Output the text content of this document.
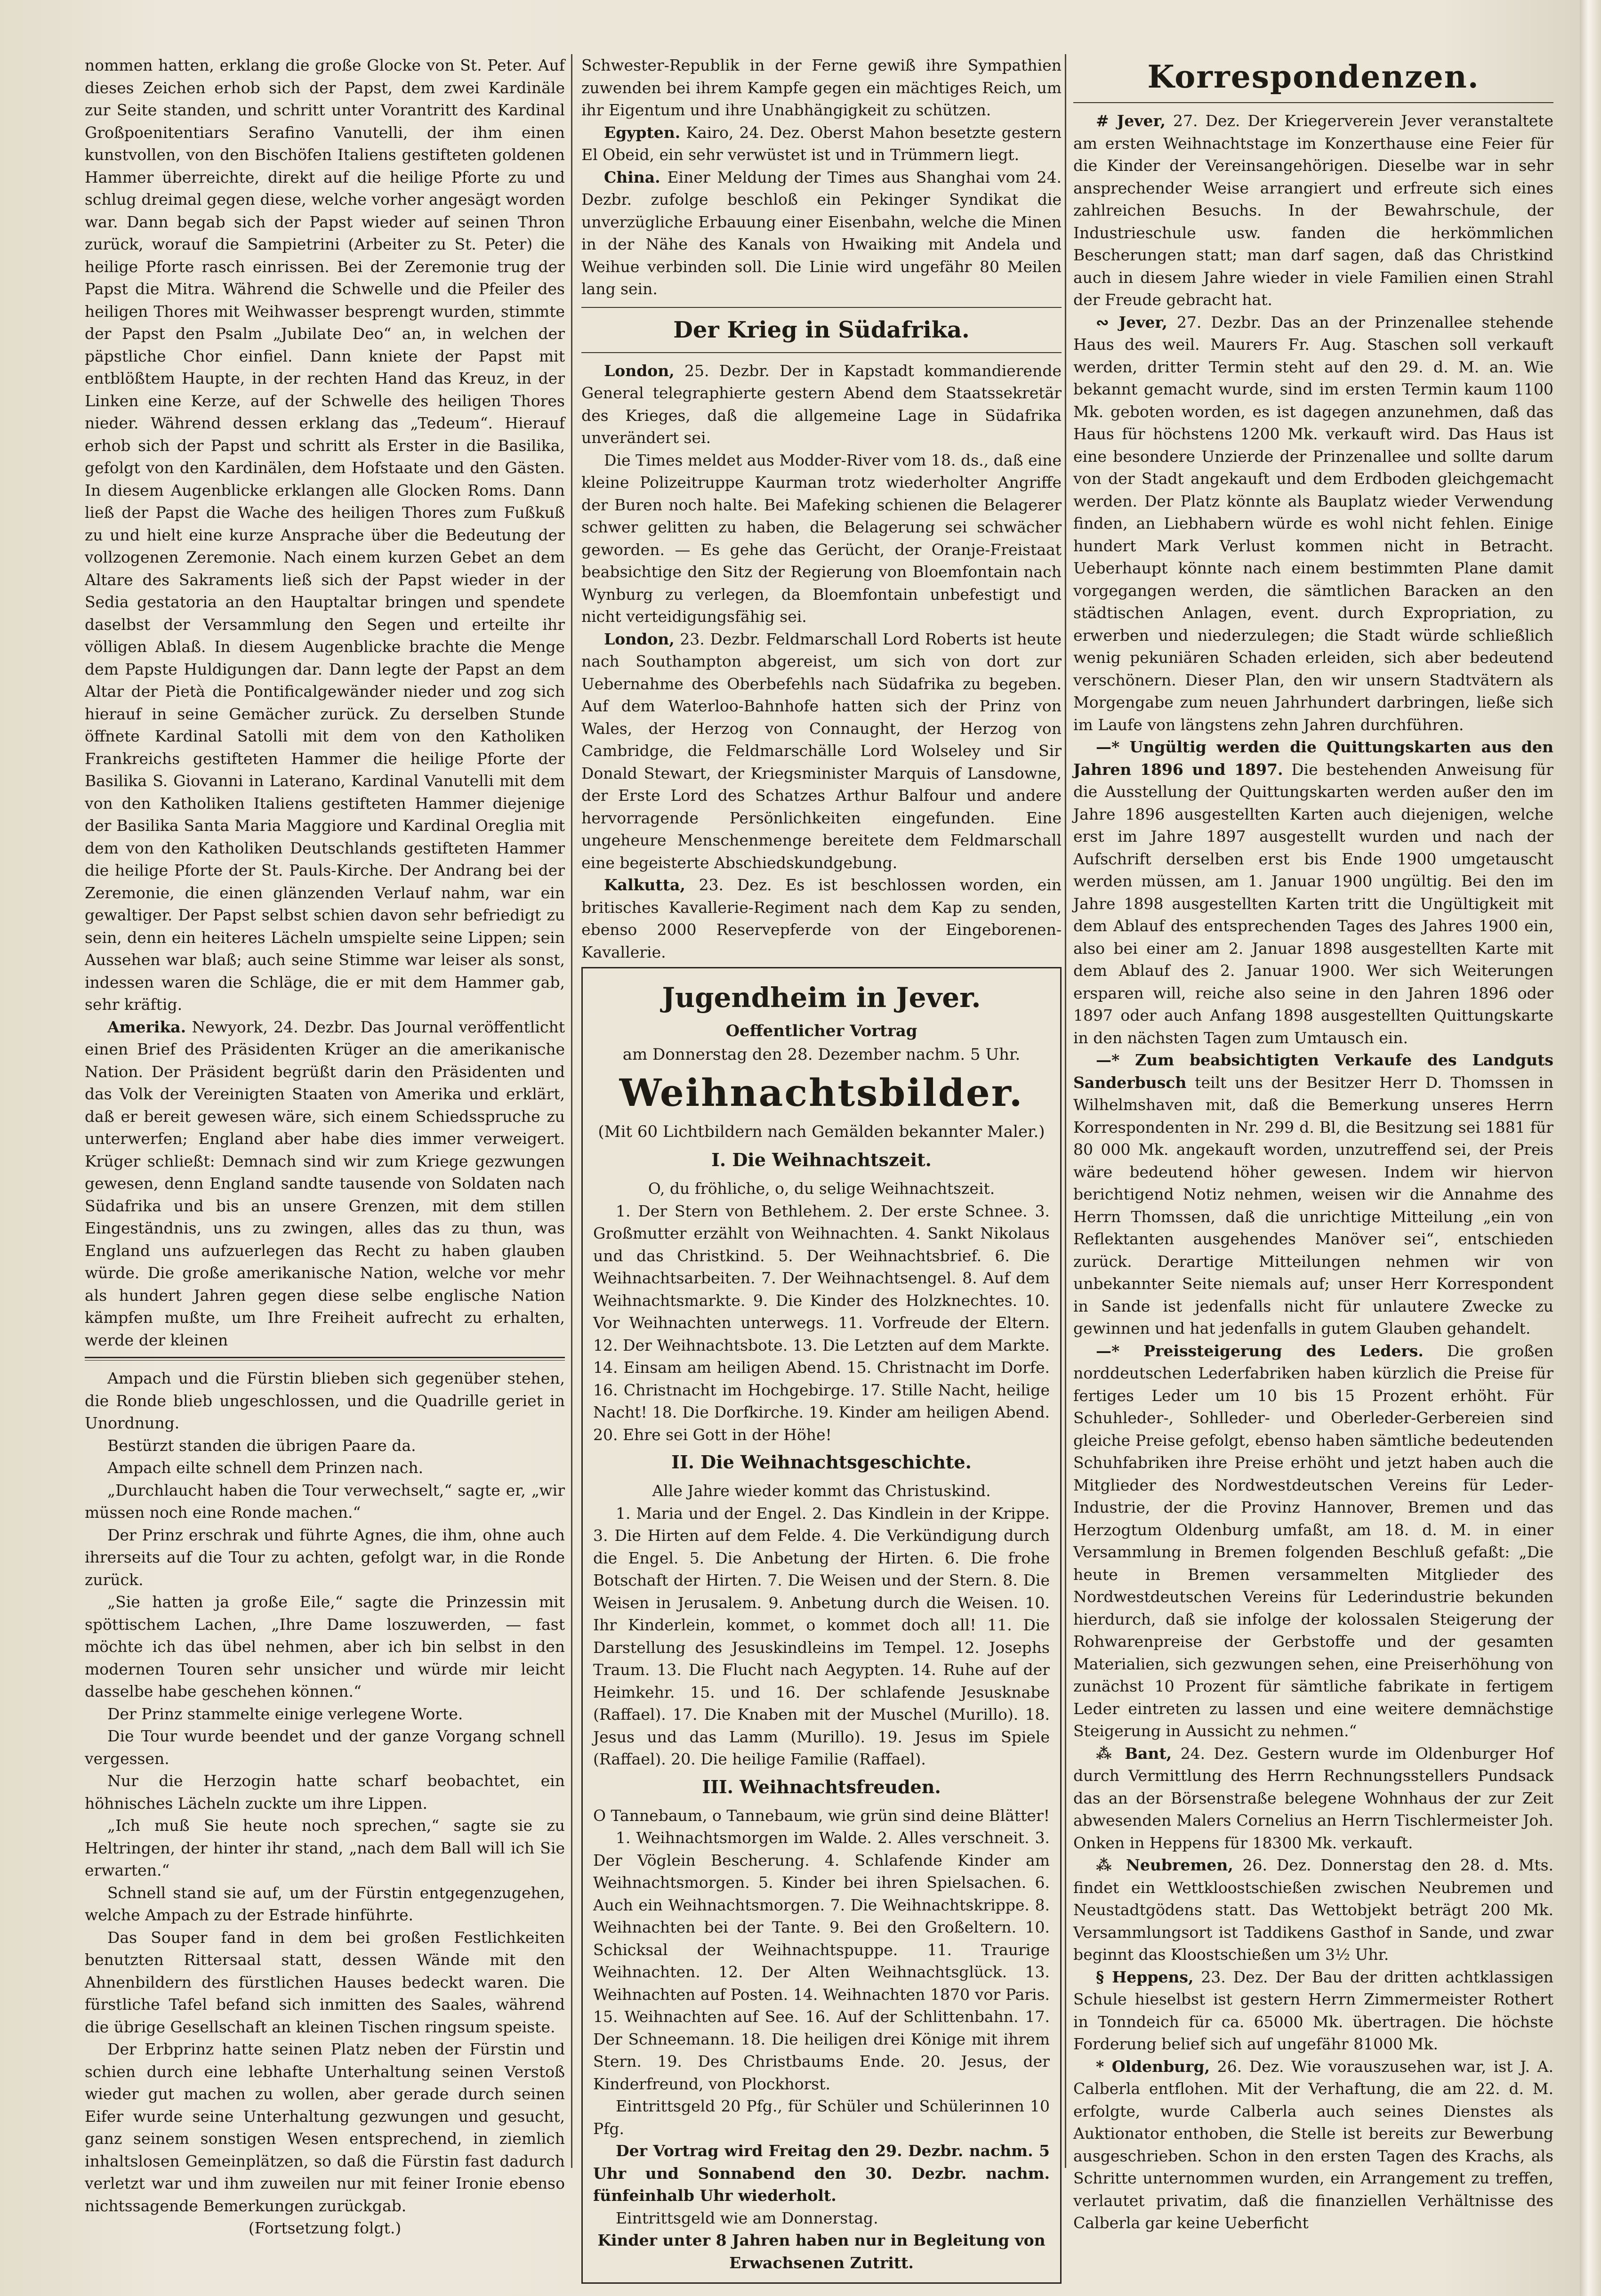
nommen hatten, erklang die große Glocke von St. Peter. Auf dieses Zeichen erhob sich der Papst, dem zwei Kardinäle zur Seite standen, und schritt unter Vorantritt des Kardinal Großpoenitentiars Serafino Vanutelli, der ihm einen kunstvollen, von den Bischöfen Italiens gestifteten goldenen Hammer überreichte, direkt auf die heilige Pforte zu und schlug dreimal gegen diese, welche vorher angesägt worden war. Dann begab sich der Papst wieder auf seinen Thron zurück, worauf die Sampietrini (Arbeiter zu St. Peter) die heilige Pforte rasch einrissen. Bei der Zeremonie trug der Papst die Mitra. Während die Schwelle und die Pfeiler des heiligen Thores mit Weihwasser besprengt wurden, stimmte der Papst den Psalm „Jubilate Deo“ an, in welchen der päpstliche Chor einfiel. Dann kniete der Papst mit entblößtem Haupte, in der rechten Hand das Kreuz, in der Linken eine Kerze, auf der Schwelle des heiligen Thores nieder. Während dessen erklang das „Tedeum“. Hierauf erhob sich der Papst und schritt als Erster in die Basilika, gefolgt von den Kardinälen, dem Hofstaate und den Gästen. In diesem Augenblicke erklangen alle Glocken Roms. Dann ließ der Papst die Wache des heiligen Thores zum Fußkuß zu und hielt eine kurze Ansprache über die Bedeutung der vollzogenen Zeremonie. Nach einem kurzen Gebet an dem Altare des Sakraments ließ sich der Papst wieder in der Sedia gestatoria an den Hauptaltar bringen und spendete daselbst der Versammlung den Segen und erteilte ihr völligen Ablaß. In diesem Augenblicke brachte die Menge dem Papste Huldigungen dar. Dann legte der Papst an dem Altar der Pietà die Pontificalgewänder nieder und zog sich hierauf in seine Gemächer zurück. Zu derselben Stunde öffnete Kardinal Satolli mit dem von den Katholiken Frankreichs gestifteten Hammer die heilige Pforte der Basilika S. Giovanni in Laterano, Kardinal Vanutelli mit dem von den Katholiken Italiens gestifteten Hammer diejenige der Basilika Santa Maria Maggiore und Kardinal Oreglia mit dem von den Katholiken Deutschlands gestifteten Hammer die heilige Pforte der St. Pauls-Kirche. Der Andrang bei der Zeremonie, die einen glänzenden Verlauf nahm, war ein gewaltiger. Der Papst selbst schien davon sehr befriedigt zu sein, denn ein heiteres Lächeln umspielte seine Lippen; sein Aussehen war blaß; auch seine Stimme war leiser als sonst, indessen waren die Schläge, die er mit dem Hammer gab, sehr kräftig.

Amerika. Newyork, 24. Dezbr. Das Journal veröffentlicht einen Brief des Präsidenten Krüger an die amerikanische Nation. Der Präsident begrüßt darin den Präsidenten und das Volk der Vereinigten Staaten von Amerika und erklärt, daß er bereit gewesen wäre, sich einem Schiedsspruche zu unterwerfen; England aber habe dies immer verweigert. Krüger schließt: Demnach sind wir zum Kriege gezwungen gewesen, denn England sandte tausende von Soldaten nach Südafrika und bis an unsere Grenzen, mit dem stillen Eingeständnis, uns zu zwingen, alles das zu thun, was England uns aufzuerlegen das Recht zu haben glauben würde. Die große amerikanische Nation, welche vor mehr als hundert Jahren gegen diese selbe englische Nation kämpfen mußte, um Ihre Freiheit aufrecht zu erhalten, werde der kleinen

Ampach und die Fürstin blieben sich gegenüber stehen, die Ronde blieb ungeschlossen, und die Quadrille geriet in Unordnung.

Bestürzt standen die übrigen Paare da.

Ampach eilte schnell dem Prinzen nach.

„Durchlaucht haben die Tour verwechselt,“ sagte er, „wir müssen noch eine Ronde machen.“

Der Prinz erschrak und führte Agnes, die ihm, ohne auch ihrerseits auf die Tour zu achten, gefolgt war, in die Ronde zurück.

„Sie hatten ja große Eile,“ sagte die Prinzessin mit spöttischem Lachen, „Ihre Dame loszuwerden, — fast möchte ich das übel nehmen, aber ich bin selbst in den modernen Touren sehr unsicher und würde mir leicht dasselbe habe geschehen können.“

Der Prinz stammelte einige verlegene Worte.

Die Tour wurde beendet und der ganze Vorgang schnell vergessen.

Nur die Herzogin hatte scharf beobachtet, ein höhnisches Lächeln zuckte um ihre Lippen.

„Ich muß Sie heute noch sprechen,“ sagte sie zu Heltringen, der hinter ihr stand, „nach dem Ball will ich Sie erwarten.“

Schnell stand sie auf, um der Fürstin entgegenzugehen, welche Ampach zu der Estrade hinführte.

Das Souper fand in dem bei großen Festlichkeiten benutzten Rittersaal statt, dessen Wände mit den Ahnenbildern des fürstlichen Hauses bedeckt waren. Die fürstliche Tafel befand sich inmitten des Saales, während die übrige Gesellschaft an kleinen Tischen ringsum speiste.

Der Erbprinz hatte seinen Platz neben der Fürstin und schien durch eine lebhafte Unterhaltung seinen Verstoß wieder gut machen zu wollen, aber gerade durch seinen Eifer wurde seine Unterhaltung gezwungen und gesucht, ganz seinem sonstigen Wesen entsprechend, in ziemlich inhaltslosen Gemeinplätzen, so daß die Fürstin fast dadurch verletzt war und ihm zuweilen nur mit feiner Ironie ebenso nichtssagende Bemerkungen zurückgab.

(Fortsetzung folgt.)

Schwester-Republik in der Ferne gewiß ihre Sympathien zuwenden bei ihrem Kampfe gegen ein mächtiges Reich, um ihr Eigentum und ihre Unabhängigkeit zu schützen.

Egypten. Kairo, 24. Dez. Oberst Mahon besetzte gestern El Obeid, ein sehr verwüstet ist und in Trümmern liegt.

China. Einer Meldung der Times aus Shanghai vom 24. Dezbr. zufolge beschloß ein Pekinger Syndikat die unverzügliche Erbauung einer Eisenbahn, welche die Minen in der Nähe des Kanals von Hwaiking mit Andela und Weihue verbinden soll. Die Linie wird ungefähr 80 Meilen lang sein.

Der Krieg in Südafrika.

London, 25. Dezbr. Der in Kapstadt kommandierende General telegraphierte gestern Abend dem Staatssekretär des Krieges, daß die allgemeine Lage in Südafrika unverändert sei.

Die Times meldet aus Modder-River vom 18. ds., daß eine kleine Polizeitruppe Kaurman trotz wiederholter Angriffe der Buren noch halte. Bei Mafeking schienen die Belagerer schwer gelitten zu haben, die Belagerung sei schwächer geworden. — Es gehe das Gerücht, der Oranje-Freistaat beabsichtige den Sitz der Regierung von Bloemfontain nach Wynburg zu verlegen, da Bloemfontain unbefestigt und nicht verteidigungsfähig sei.

London, 23. Dezbr. Feldmarschall Lord Roberts ist heute nach Southampton abgereist, um sich von dort zur Uebernahme des Oberbefehls nach Südafrika zu begeben. Auf dem Waterloo-Bahnhofe hatten sich der Prinz von Wales, der Herzog von Connaught, der Herzog von Cambridge, die Feldmarschälle Lord Wolseley und Sir Donald Stewart, der Kriegsminister Marquis of Lansdowne, der Erste Lord des Schatzes Arthur Balfour und andere hervorragende Persönlichkeiten eingefunden. Eine ungeheure Menschenmenge bereitete dem Feldmarschall eine begeisterte Abschiedskundgebung.

Kalkutta, 23. Dez. Es ist beschlossen worden, ein britisches Kavallerie-Regiment nach dem Kap zu senden, ebenso 2000 Reservepferde von der Eingeborenen-Kavallerie.

Jugendheim in Jever.

Oeffentlicher Vortrag

am Donnerstag den 28. Dezember nachm. 5 Uhr.

Weihnachtsbilder.

(Mit 60 Lichtbildern nach Gemälden bekannter Maler.)

I. Die Weihnachtszeit.

O, du fröhliche, o, du selige Weihnachtszeit.

1. Der Stern von Bethlehem. 2. Der erste Schnee. 3. Großmutter erzählt von Weihnachten. 4. Sankt Nikolaus und das Christkind. 5. Der Weihnachtsbrief. 6. Die Weihnachtsarbeiten. 7. Der Weihnachtsengel. 8. Auf dem Weihnachtsmarkte. 9. Die Kinder des Holzknechtes. 10. Vor Weihnachten unterwegs. 11. Vorfreude der Eltern. 12. Der Weihnachtsbote. 13. Die Letzten auf dem Markte. 14. Einsam am heiligen Abend. 15. Christnacht im Dorfe. 16. Christnacht im Hochgebirge. 17. Stille Nacht, heilige Nacht! 18. Die Dorfkirche. 19. Kinder am heiligen Abend. 20. Ehre sei Gott in der Höhe!

II. Die Weihnachtsgeschichte.

Alle Jahre wieder kommt das Christuskind.

1. Maria und der Engel. 2. Das Kindlein in der Krippe. 3. Die Hirten auf dem Felde. 4. Die Verkündigung durch die Engel. 5. Die Anbetung der Hirten. 6. Die frohe Botschaft der Hirten. 7. Die Weisen und der Stern. 8. Die Weisen in Jerusalem. 9. Anbetung durch die Weisen. 10. Ihr Kinderlein, kommet, o kommet doch all! 11. Die Darstellung des Jesuskindleins im Tempel. 12. Josephs Traum. 13. Die Flucht nach Aegypten. 14. Ruhe auf der Heimkehr. 15. und 16. Der schlafende Jesusknabe (Raffael). 17. Die Knaben mit der Muschel (Murillo). 18. Jesus und das Lamm (Murillo). 19. Jesus im Spiele (Raffael). 20. Die heilige Familie (Raffael).

III. Weihnachtsfreuden.

O Tannebaum, o Tannebaum, wie grün sind deine Blätter!

1. Weihnachtsmorgen im Walde. 2. Alles verschneit. 3. Der Vöglein Bescherung. 4. Schlafende Kinder am Weihnachtsmorgen. 5. Kinder bei ihren Spielsachen. 6. Auch ein Weihnachtsmorgen. 7. Die Weihnachtskrippe. 8. Weihnachten bei der Tante. 9. Bei den Großeltern. 10. Schicksal der Weihnachtspuppe. 11. Traurige Weihnachten. 12. Der Alten Weihnachtsglück. 13. Weihnachten auf Posten. 14. Weihnachten 1870 vor Paris. 15. Weihnachten auf See. 16. Auf der Schlittenbahn. 17. Der Schneemann. 18. Die heiligen drei Könige mit ihrem Stern. 19. Des Christbaums Ende. 20. Jesus, der Kinderfreund, von Plockhorst.

Eintrittsgeld 20 Pfg., für Schüler und Schülerinnen 10 Pfg.

Der Vortrag wird Freitag den 29. Dezbr. nachm. 5 Uhr und Sonnabend den 30. Dezbr. nachm. fünfeinhalb Uhr wiederholt.

Eintrittsgeld wie am Donnerstag.

Kinder unter 8 Jahren haben nur in Begleitung von Erwachsenen Zutritt.

Korrespondenzen.

# Jever, 27. Dez. Der Kriegerverein Jever veranstaltete am ersten Weihnachtstage im Konzerthause eine Feier für die Kinder der Vereinsangehörigen. Dieselbe war in sehr ansprechender Weise arrangiert und erfreute sich eines zahlreichen Besuchs. In der Bewahrschule, der Industrieschule usw. fanden die herkömmlichen Bescherungen statt; man darf sagen, daß das Christkind auch in diesem Jahre wieder in viele Familien einen Strahl der Freude gebracht hat.

∾ Jever, 27. Dezbr. Das an der Prinzenallee stehende Haus des weil. Maurers Fr. Aug. Staschen soll verkauft werden, dritter Termin steht auf den 29. d. M. an. Wie bekannt gemacht wurde, sind im ersten Termin kaum 1100 Mk. geboten worden, es ist dagegen anzunehmen, daß das Haus für höchstens 1200 Mk. verkauft wird. Das Haus ist eine besondere Unzierde der Prinzenallee und sollte darum von der Stadt angekauft und dem Erdboden gleichgemacht werden. Der Platz könnte als Bauplatz wieder Verwendung finden, an Liebhabern würde es wohl nicht fehlen. Einige hundert Mark Verlust kommen nicht in Betracht. Ueberhaupt könnte nach einem bestimmten Plane damit vorgegangen werden, die sämtlichen Baracken an den städtischen Anlagen, event. durch Expropriation, zu erwerben und niederzulegen; die Stadt würde schließlich wenig pekuniären Schaden erleiden, sich aber bedeutend verschönern. Dieser Plan, den wir unsern Stadtvätern als Morgengabe zum neuen Jahrhundert darbringen, ließe sich im Laufe von längstens zehn Jahren durchführen.

—* Ungültig werden die Quittungskarten aus den Jahren 1896 und 1897. Die bestehenden Anweisung für die Ausstellung der Quittungskarten werden außer den im Jahre 1896 ausgestellten Karten auch diejenigen, welche erst im Jahre 1897 ausgestellt wurden und nach der Aufschrift derselben erst bis Ende 1900 umgetauscht werden müssen, am 1. Januar 1900 ungültig. Bei den im Jahre 1898 ausgestellten Karten tritt die Ungültigkeit mit dem Ablauf des entsprechenden Tages des Jahres 1900 ein, also bei einer am 2. Januar 1898 ausgestellten Karte mit dem Ablauf des 2. Januar 1900. Wer sich Weiterungen ersparen will, reiche also seine in den Jahren 1896 oder 1897 oder auch Anfang 1898 ausgestellten Quittungskarte in den nächsten Tagen zum Umtausch ein.

—* Zum beabsichtigten Verkaufe des Landguts Sanderbusch teilt uns der Besitzer Herr D. Thomssen in Wilhelmshaven mit, daß die Bemerkung unseres Herrn Korrespondenten in Nr. 299 d. Bl, die Besitzung sei 1881 für 80 000 Mk. angekauft worden, unzutreffend sei, der Preis wäre bedeutend höher gewesen. Indem wir hiervon berichtigend Notiz nehmen, weisen wir die Annahme des Herrn Thomssen, daß die unrichtige Mitteilung „ein von Reflektanten ausgehendes Manöver sei“, entschieden zurück. Derartige Mitteilungen nehmen wir von unbekannter Seite niemals auf; unser Herr Korrespondent in Sande ist jedenfalls nicht für unlautere Zwecke zu gewinnen und hat jedenfalls in gutem Glauben gehandelt.

—* Preissteigerung des Leders. Die großen norddeutschen Lederfabriken haben kürzlich die Preise für fertiges Leder um 10 bis 15 Prozent erhöht. Für Schuhleder-, Sohlleder- und Oberleder-Gerbereien sind gleiche Preise gefolgt, ebenso haben sämtliche bedeutenden Schuhfabriken ihre Preise erhöht und jetzt haben auch die Mitglieder des Nordwestdeutschen Vereins für Leder-Industrie, der die Provinz Hannover, Bremen und das Herzogtum Oldenburg umfaßt, am 18. d. M. in einer Versammlung in Bremen folgenden Beschluß gefaßt: „Die heute in Bremen versammelten Mitglieder des Nordwestdeutschen Vereins für Lederindustrie bekunden hierdurch, daß sie infolge der kolossalen Steigerung der Rohwarenpreise der Gerbstoffe und der gesamten Materialien, sich gezwungen sehen, eine Preiserhöhung von zunächst 10 Prozent für sämtliche fabrikate in fertigem Leder eintreten zu lassen und eine weitere demnächstige Steigerung in Aussicht zu nehmen.“

⁂ Bant, 24. Dez. Gestern wurde im Oldenburger Hof durch Vermittlung des Herrn Rechnungsstellers Pundsack das an der Börsenstraße belegene Wohnhaus der zur Zeit abwesenden Malers Cornelius an Herrn Tischlermeister Joh. Onken in Heppens für 18300 Mk. verkauft.

⁂ Neubremen, 26. Dez. Donnerstag den 28. d. Mts. findet ein Wettkloostschießen zwischen Neubremen und Neustadtgödens statt. Das Wettobjekt beträgt 200 Mk. Versammlungsort ist Taddikens Gasthof in Sande, und zwar beginnt das Kloostschießen um 3½ Uhr.

§ Heppens, 23. Dez. Der Bau der dritten achtklassigen Schule hieselbst ist gestern Herrn Zimmermeister Rothert in Tonndeich für ca. 65000 Mk. übertragen. Die höchste Forderung belief sich auf ungefähr 81000 Mk.

* Oldenburg, 26. Dez. Wie vorauszusehen war, ist J. A. Calberla entflohen. Mit der Verhaftung, die am 22. d. M. erfolgte, wurde Calberla auch seines Dienstes als Auktionator enthoben, die Stelle ist bereits zur Bewerbung ausgeschrieben. Schon in den ersten Tagen des Krachs, als Schritte unternommen wurden, ein Arrangement zu treffen, verlautet privatim, daß die finanziellen Verhältnisse des Calberla gar keine Ueberficht
